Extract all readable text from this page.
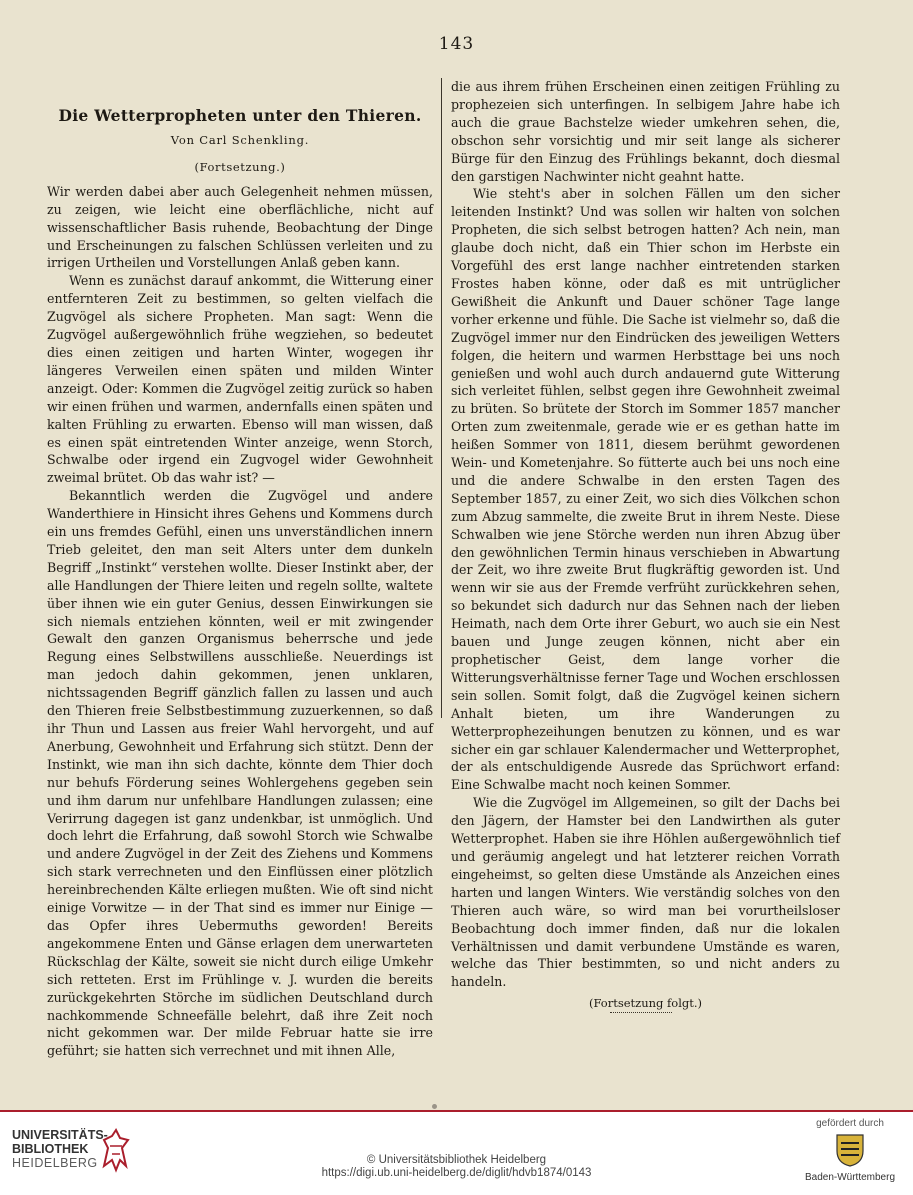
143
Die Wetterpropheten unter den Thieren.
Von Carl Schenkling.
(Fortsetzung.)

Wir werden dabei aber auch Gelegenheit nehmen müssen, zu zeigen, wie leicht eine oberflächliche, nicht auf wissenschaftlicher Basis ruhende, Beobachtung der Dinge und Erscheinungen zu falschen Schlüssen verleiten und zu irrigen Urtheilen und Vorstellungen Anlaß geben kann.

Wenn es zunächst darauf ankommt, die Witterung einer entfernteren Zeit zu bestimmen, so gelten vielfach die Zugvögel als sichere Propheten. Man sagt: Wenn die Zugvögel außergewöhnlich frühe wegziehen, so bedeutet dies einen zeitigen und harten Winter, wogegen ihr längeres Verweilen einen späten und milden Winter anzeigt. Oder: Kommen die Zugvögel zeitig zurück so haben wir einen frühen und warmen, andernfalls einen späten und kalten Frühling zu erwarten. Ebenso will man wissen, daß es einen spät eintretenden Winter anzeige, wenn Storch, Schwalbe oder irgend ein Zugvogel wider Gewohnheit zweimal brütet. Ob das wahr ist? —

Bekanntlich werden die Zugvögel und andere Wanderthiere in Hinsicht ihres Gehens und Kommens durch ein uns fremdes Gefühl, einen uns unverständlichen innern Trieb geleitet, den man seit Alters unter dem dunkeln Begriff „Instinkt“ verstehen wollte. Dieser Instinkt aber, der alle Handlungen der Thiere leiten und regeln sollte, waltete über ihnen wie ein guter Genius, dessen Einwirkungen sie sich niemals entziehen könnten, weil er mit zwingender Gewalt den ganzen Organismus beherrsche und jede Regung eines Selbstwillens ausschließe. Neuerdings ist man jedoch dahin gekommen, jenen unklaren, nichtssagenden Begriff gänzlich fallen zu lassen und auch den Thieren freie Selbstbestimmung zuzuerkennen, so daß ihr Thun und Lassen aus freier Wahl hervorgeht, und auf Anerbung, Gewohnheit und Erfahrung sich stützt. Denn der Instinkt, wie man ihn sich dachte, könnte dem Thier doch nur behufs Förderung seines Wohlergehens gegeben sein und ihm darum nur unfehlbare Handlungen zulassen; eine Verirrung dagegen ist ganz undenkbar, ist unmöglich. Und doch lehrt die Erfahrung, daß sowohl Storch wie Schwalbe und andere Zugvögel in der Zeit des Ziehens und Kommens sich stark verrechneten und den Einflüssen einer plötzlich hereinbrechenden Kälte erliegen mußten. Wie oft sind nicht einige Vorwitze — in der That sind es immer nur Einige — das Opfer ihres Uebermuths geworden! Bereits angekommene Enten und Gänse erlagen dem unerwarteten Rückschlag der Kälte, soweit sie nicht durch eilige Umkehr sich retteten. Erst im Frühlinge v. J. wurden die bereits zurückgekehrten Störche im südlichen Deutschland durch nachkommende Schneefälle belehrt, daß ihre Zeit noch nicht gekommen war. Der milde Februar hatte sie irre geführt; sie hatten sich verrechnet und mit ihnen Alle,

die aus ihrem frühen Erscheinen einen zeitigen Frühling zu prophezeien sich unterfingen. In selbigem Jahre habe ich auch die graue Bachstelze wieder umkehren sehen, die, obschon sehr vorsichtig und mir seit lange als sicherer Bürge für den Einzug des Frühlings bekannt, doch diesmal den garstigen Nachwinter nicht geahnt hatte.

Wie steht's aber in solchen Fällen um den sicher leitenden Instinkt? Und was sollen wir halten von solchen Propheten, die sich selbst betrogen hatten? Ach nein, man glaube doch nicht, daß ein Thier schon im Herbste ein Vorgefühl des erst lange nachher eintretenden starken Frostes haben könne, oder daß es mit untrüglicher Gewißheit die Ankunft und Dauer schöner Tage lange vorher erkenne und fühle. Die Sache ist vielmehr so, daß die Zugvögel immer nur den Eindrücken des jeweiligen Wetters folgen, die heitern und warmen Herbsttage bei uns noch genießen und wohl auch durch andauernd gute Witterung sich verleitet fühlen, selbst gegen ihre Gewohnheit zweimal zu brüten. So brütete der Storch im Sommer 1857 mancher Orten zum zweitenmale, gerade wie er es gethan hatte im heißen Sommer von 1811, diesem berühmt gewordenen Wein- und Kometenjahre. So fütterte auch bei uns noch eine und die andere Schwalbe in den ersten Tagen des September 1857, zu einer Zeit, wo sich dies Völkchen schon zum Abzug sammelte, die zweite Brut in ihrem Neste. Diese Schwalben wie jene Störche werden nun ihren Abzug über den gewöhnlichen Termin hinaus verschieben in Abwartung der Zeit, wo ihre zweite Brut flugkräftig geworden ist. Und wenn wir sie aus der Fremde verfrüht zurückkehren sehen, so bekundet sich dadurch nur das Sehnen nach der lieben Heimath, nach dem Orte ihrer Geburt, wo auch sie ein Nest bauen und Junge zeugen können, nicht aber ein prophetischer Geist, dem lange vorher die Witterungsverhältnisse ferner Tage und Wochen erschlossen sein sollen. Somit folgt, daß die Zugvögel keinen sichern Anhalt bieten, um ihre Wanderungen zu Wetterprophezeihungen benutzen zu können, und es war sicher ein gar schlauer Kalendermacher und Wetterprophet, der als entschuldigende Ausrede das Sprüchwort erfand: Eine Schwalbe macht noch keinen Sommer.

Wie die Zugvögel im Allgemeinen, so gilt der Dachs bei den Jägern, der Hamster bei den Landwirthen als guter Wetterprophet. Haben sie ihre Höhlen außergewöhnlich tief und geräumig angelegt und hat letzterer reichen Vorrath eingeheimst, so gelten diese Umstände als Anzeichen eines harten und langen Winters. Wie verständig solches von den Thieren auch wäre, so wird man bei vorurtheilsloser Beobachtung doch immer finden, daß nur die lokalen Verhältnissen und damit verbundene Umstände es waren, welche das Thier bestimmten, so und nicht anders zu handeln.

(Fortsetzung folgt.)
UNIVERSITÄTS-
BIBLIOTHEK
HEIDELBERG	© Universitätsbibliothek Heidelberg
https://digi.ub.uni-heidelberg.de/diglit/hdvb1874/0143
gefördert durch
Baden-Württemberg
